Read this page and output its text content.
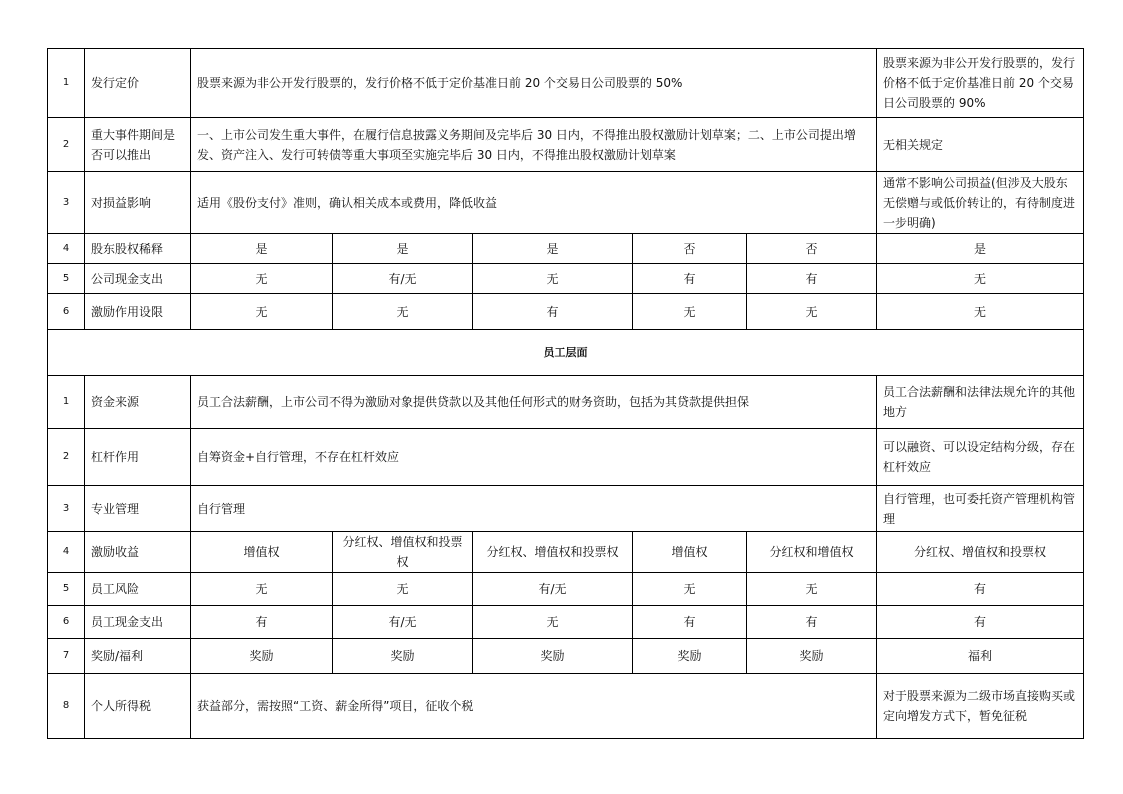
1	发行定价	股票来源为非公开发行股票的，发行价格不低于定价基准日前 20 个交易日公司股票的 50%					股票来源为非公开发行股票的，发行价格不低于定价基准日前 20 个交易日公司股票的 90%
2	重大事件期间是否可以推出	一、上市公司发生重大事件，在履行信息披露义务期间及完毕后 30 日内，不得推出股权激励计划草案；二、上市公司提出增发、资产注入、发行可转债等重大事项至实施完毕后 30 日内，不得推出股权激励计划草案					无相关规定
3	对损益影响	适用《股份支付》准则，确认相关成本或费用，降低收益					通常不影响公司损益(但涉及大股东无偿赠与或低价转让的，有待制度进一步明确)
4	股东股权稀释	是	是	是	否	否	是
5	公司现金支出	无	有/无	无	有	有	无
6	激励作用设限	无	无	有	无	无	无
员工层面							
1	资金来源	员工合法薪酬，上市公司不得为激励对象提供贷款以及其他任何形式的财务资助，包括为其贷款提供担保					员工合法薪酬和法律法规允许的其他地方
2	杠杆作用	自筹资金+自行管理，不存在杠杆效应					可以融资、可以设定结构分级，存在杠杆效应
3	专业管理	自行管理					自行管理，也可委托资产管理机构管理
4	激励收益	增值权	分红权、增值权和投票权	分红权、增值权和投票权	增值权	分红权和增值权	分红权、增值权和投票权
5	员工风险	无	无	有/无	无	无	有
6	员工现金支出	有	有/无	无	有	有	有
7	奖励/福利	奖励	奖励	奖励	奖励	奖励	福利
8	个人所得税	获益部分，需按照“工资、薪金所得”项目，征收个税					对于股票来源为二级市场直接购买或定向增发方式下，暂免征税
